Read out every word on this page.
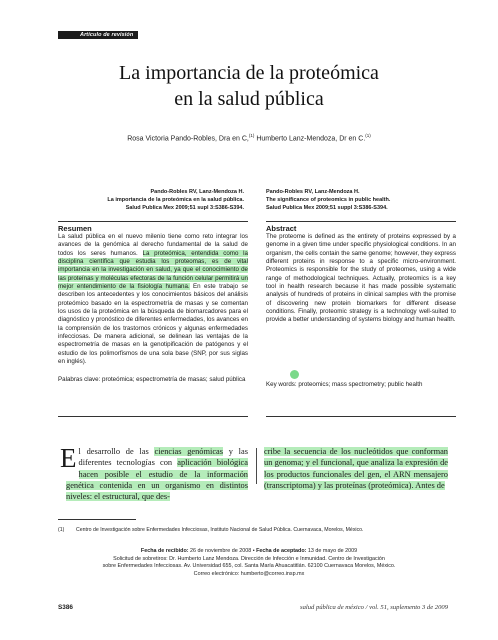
Artículo de revisión
La importancia de la proteómica
en la salud pública
Rosa Victoria Pando-Robles, Dra en C,$^{(1)}$ Humberto Lanz-Mendoza, Dr en C.$^{(1)}$
Pando-Robles RV, Lanz-Mendoza H.
La importancia de la proteómica en la salud pública.
Salud Publica Mex 2009;51 supl 3:S386-S394.
Pando-Robles RV, Lanz-Mendoza H.
The significance of proteomics in public health.
Salud Publica Mex 2009;51 suppl 3:S386-S394.
Resumen
La salud pública en el nuevo milenio tiene como reto integrar los avances de la genómica al derecho fundamental de la salud de todos los seres humanos. La proteómica, entendida como la disciplina científica que estudia los proteomas, es de vital importancia en la investigación en salud, ya que el conocimiento de las proteínas y moléculas efectoras de la función celular permitirá un mejor entendimiento de la fisiología humana. En este trabajo se describen los antecedentes y los conocimientos básicos del análisis proteómico basado en la espectrometría de masas y se comentan los usos de la proteómica en la búsqueda de biomarcadores para el diagnóstico y pronóstico de diferentes enfermedades, los avances en la comprensión de los trastornos crónicos y algunas enfermedades infecciosas. De manera adicional, se delinean las ventajas de la espectrometría de masas en la genotipificación de patógenos y el estudio de los polimorfismos de una sola base (SNP, por sus siglas en inglés).
Palabras clave: proteómica; espectrometría de masas; salud pública
Abstract
The proteome is defined as the entirety of proteins expressed by a genome in a given time under specific physiological conditions. In an organism, the cells contain the same genome; however, they express different proteins in response to a specific micro-environment. Proteomics is responsible for the study of proteomes, using a wide range of methodological techniques. Actually, proteomics is a key tool in health research because it has made possible systematic analysis of hundreds of proteins in clinical samples with the promise of discovering new protein biomarkers for different disease conditions. Finally, proteomic strategy is a technology well-suited to provide a better understanding of systems biology and human health.
Key words: proteomics; mass spectrometry; public health
El desarrollo de las ciencias genómicas y las diferentes tecnologías con aplicación biológica hacen posible el estudio de la información genética contenida en un organismo en distintos niveles: el estructural, que des-
cribe la secuencia de los nucleótidos que conforman un genoma; y el funcional, que analiza la expresión de los productos funcionales del gen, el ARN mensajero (transcriptoma) y las proteínas (proteómica). Antes de
(1) Centro de Investigación sobre Enfermedades Infecciosas, Instituto Nacional de Salud Pública. Cuernavaca, Morelos, México.
Fecha de recibido: 26 de noviembre de 2008 • Fecha de aceptado: 13 de mayo de 2009
Solicitud de sobretiros: Dr. Humberto Lanz Mendoza. Dirección de Infección e Inmunidad. Centro de Investigación
sobre Enfermedades Infecciosas. Av. Universidad 655, col. Santa María Ahuacatitlán. 62100 Cuernavaca Morelos, México.
Correo electrónico: humberto@correo.insp.mx
S386	salud pública de méxico / vol. 51, suplemento 3 de 2009
